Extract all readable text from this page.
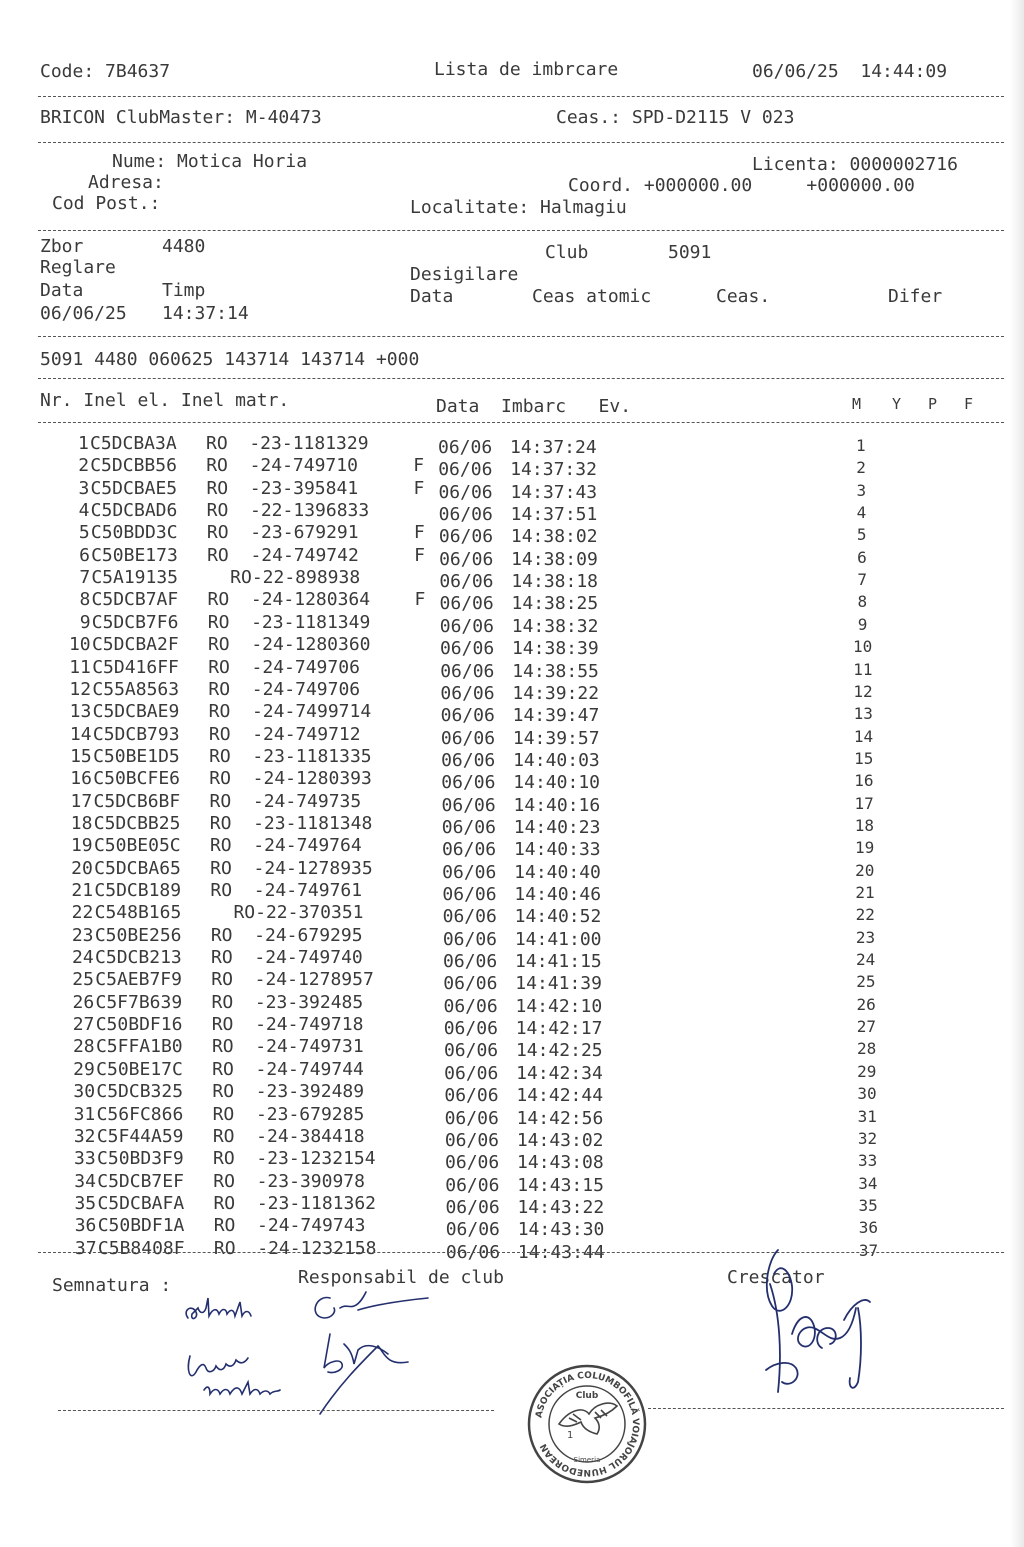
Code: 7B4637	Lista de imbrcare	06/06/25  14:44:09
BRICON ClubMaster: M-40473	Ceas.: SPD-D2115 V 023
Nume: Motica Horia	Licenta: 0000002716
Adresa:	Coord. +000000.00     +000000.00
Cod Post.:	Localitate: Halmagiu
Zbor	4480	Club	5091
Reglare	Desigilare
Data	Timp	Data	Ceas atomic	Ceas.	Difer
06/06/25 14:37:14
5091 4480 060625 143714 143714 +000
Nr. Inel el. Inel matr.	Data  Imbarc   Ev.	M Y P F
1 C5DCBA3A RO  -23-1181329	06/06 14:37:24	1
2 C5DCBB56 RO  -24-749710	F 06/06 14:37:32	2
3 C5DCBAE5 RO  -23-395841	F 06/06 14:37:43	3
4 C5DCBAD6 RO  -22-1396833	06/06 14:37:51	4
5 C50BDD3C RO  -23-679291	F 06/06 14:38:02	5
6 C50BE173 RO  -24-749742	F 06/06 14:38:09	6
7 C5A19135 RO-22-898938	06/06 14:38:18	7
8 C5DCB7AF RO  -24-1280364 F 06/06 14:38:25	8
9 C5DCB7F6 RO  -23-1181349	06/06 14:38:32	9
10 C5DCBA2F RO  -24-1280360	06/06 14:38:39	10
11 C5D416FF RO  -24-749706	06/06 14:38:55	11
12 C55A8563 RO  -24-749706	06/06 14:39:22	12
13 C5DCBAE9 RO  -24-7499714	06/06 14:39:47	13
14 C5DCB793 RO  -24-749712	06/06 14:39:57	14
15 C50BE1D5 RO  -23-1181335	06/06 14:40:03	15
16 C50BCFE6 RO  -24-1280393	06/06 14:40:10	16
17 C5DCB6BF RO  -24-749735	06/06 14:40:16	17
18 C5DCBB25 RO  -23-1181348	06/06 14:40:23	18
19 C50BE05C RO  -24-749764	06/06 14:40:33	19
20 C5DCBA65 RO  -24-1278935	06/06 14:40:40	20
21 C5DCB189 RO  -24-749761	06/06 14:40:46	21
22 C548B165 RO-22-370351	06/06 14:40:52	22
23 C50BE256 RO  -24-679295	06/06 14:41:00	23
24 C5DCB213 RO  -24-749740	06/06 14:41:15	24
25 C5AEB7F9 RO  -24-1278957	06/06 14:41:39	25
26 C5F7B639 RO  -23-392485	06/06 14:42:10	26
27 C50BDF16 RO  -24-749718	06/06 14:42:17	27
28 C5FFA1B0 RO  -24-749731	06/06 14:42:25	28
29 C50BE17C RO  -24-749744	06/06 14:42:34	29
30 C5DCB325 RO  -23-392489	06/06 14:42:44	30
31 C56FC866 RO  -23-679285	06/06 14:42:56	31
32 C5F44A59 RO  -24-384418	06/06 14:43:02	32
33 C50BD3F9 RO  -23-1232154	06/06 14:43:08	33
34 C5DCB7EF RO  -23-390978	06/06 14:43:15	34
35 C5DCBAFA RO  -23-1181362	06/06 14:43:22	35
36 C50BDF1A RO  -24-749743	06/06 14:43:30	36
37 C5B8408F RO  -24-1232158	06/06 14:43:44	37
Semnatura :	Responsabil de club	Crescator
ASOCIAȚIA COLUMBOFILĂ VOIAJORUL HUNEDOREAN
Club
1
Simeria
